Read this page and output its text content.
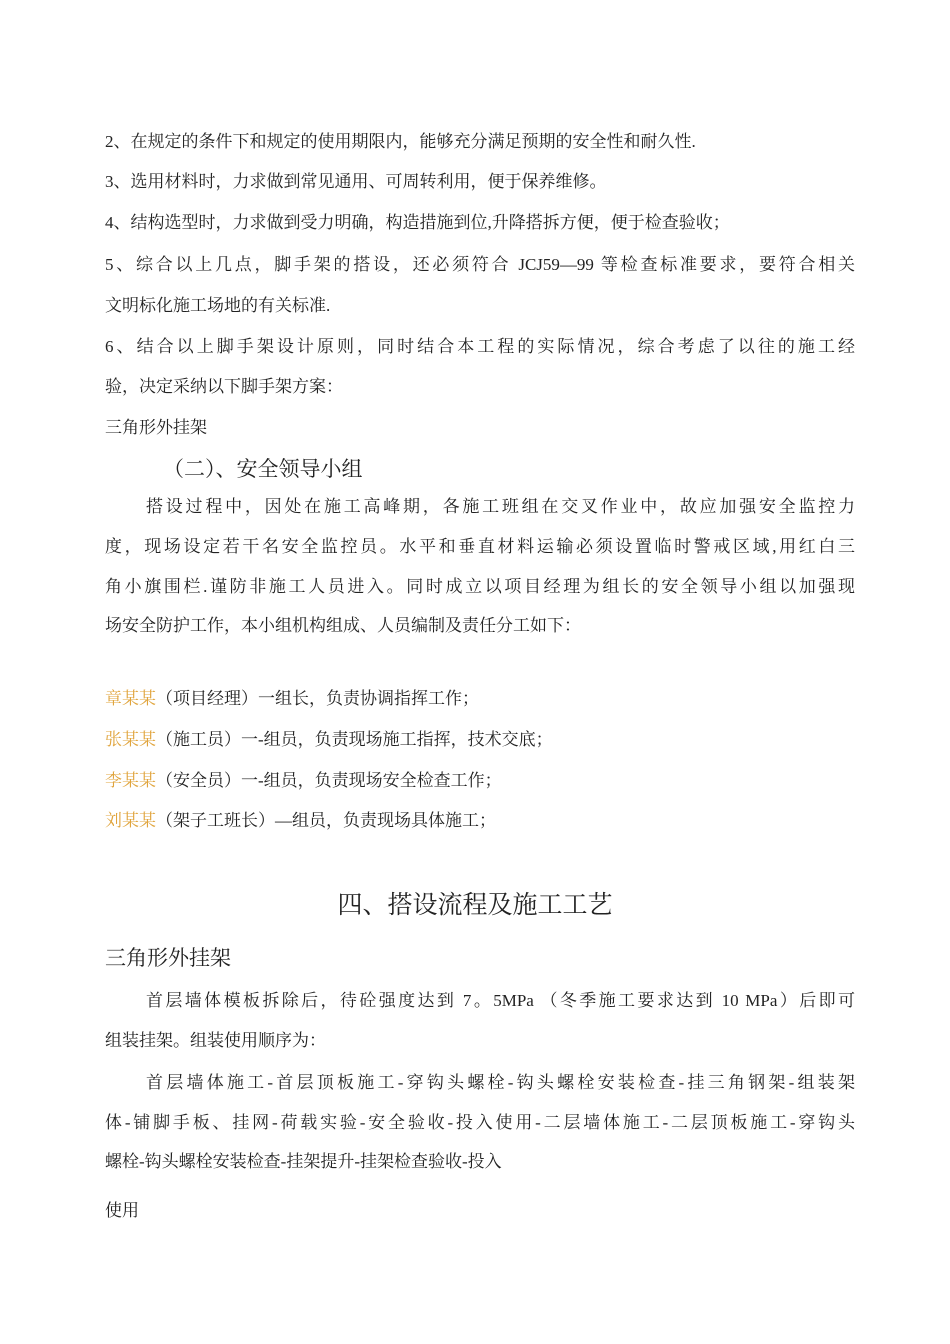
2、在规定的条件下和规定的使用期限内，能够充分满足预期的安全性和耐久性.

3、选用材料时，力求做到常见通用、可周转利用，便于保养维修。

4、结构选型时，力求做到受力明确，构造措施到位,升降搭拆方便，便于检查验收；

5、综合以上几点，脚手架的搭设，还必须符合 JCJ59—99 等检查标准要求，要符合相关

文明标化施工场地的有关标准.

6、结合以上脚手架设计原则，同时结合本工程的实际情况，综合考虑了以往的施工经

验，决定采纳以下脚手架方案：

三角形外挂架

（二）、安全领导小组

搭设过程中，因处在施工高峰期，各施工班组在交叉作业中，故应加强安全监控力

度，现场设定若干名安全监控员。水平和垂直材料运输必须设置临时警戒区域,用红白三

角小旗围栏.谨防非施工人员进入。同时成立以项目经理为组长的安全领导小组以加强现

场安全防护工作，本小组机构组成、人员编制及责任分工如下：

章某某（项目经理）一组长，负责协调指挥工作；

张某某（施工员）一-组员，负责现场施工指挥，技术交底；

李某某（安全员）一-组员，负责现场安全检查工作；

刘某某（架子工班长）—组员，负责现场具体施工；

四、搭设流程及施工工艺
三角形外挂架

首层墙体模板拆除后，待砼强度达到 7。5MPa （冬季施工要求达到 10 MPa）后即可

组装挂架。组装使用顺序为：

首层墙体施工-首层顶板施工-穿钩头螺栓-钩头螺栓安装检查-挂三角钢架-组装架

体-铺脚手板、挂网-荷载实验-安全验收-投入使用-二层墙体施工-二层顶板施工-穿钩头

螺栓-钩头螺栓安装检查-挂架提升-挂架检查验收-投入

使用
